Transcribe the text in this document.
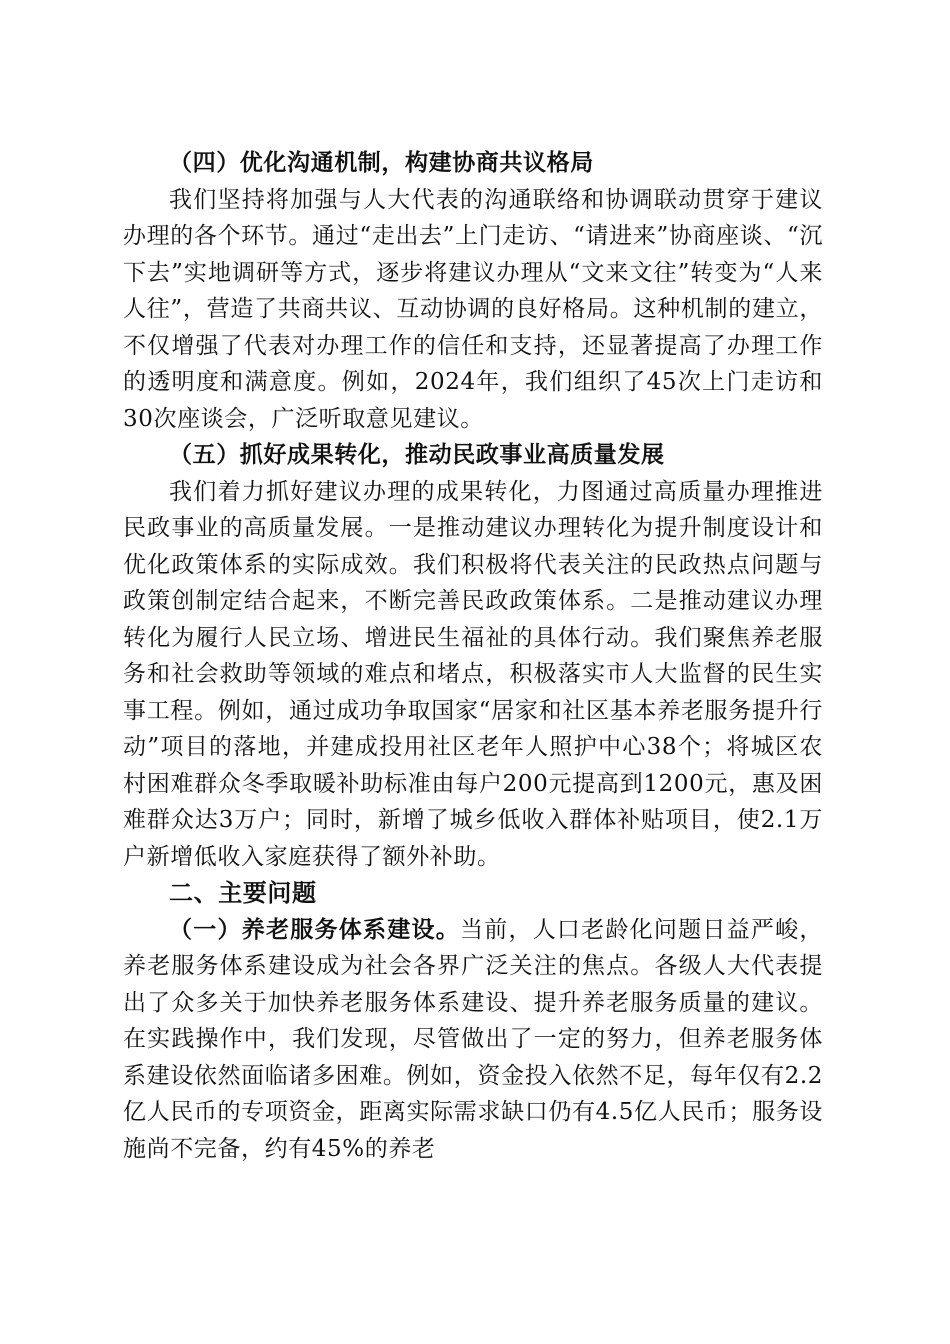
（四）优化沟通机制，构建协商共议格局

我们坚持将加强与人大代表的沟通联络和协调联动贯穿于建议办理的各个环节。通过“走出去”上门走访、“请进来”协商座谈、“沉下去”实地调研等方式，逐步将建议办理从“文来文往”转变为“人来人往”，营造了共商共议、互动协调的良好格局。这种机制的建立，不仅增强了代表对办理工作的信任和支持，还显著提高了办理工作的透明度和满意度。例如，2024年，我们组织了45次上门走访和30次座谈会，广泛听取意见建议。

（五）抓好成果转化，推动民政事业高质量发展

我们着力抓好建议办理的成果转化，力图通过高质量办理推进民政事业的高质量发展。一是推动建议办理转化为提升制度设计和优化政策体系的实际成效。我们积极将代表关注的民政热点问题与政策创制定结合起来，不断完善民政政策体系。二是推动建议办理转化为履行人民立场、增进民生福祉的具体行动。我们聚焦养老服务和社会救助等领域的难点和堵点，积极落实市人大监督的民生实事工程。例如，通过成功争取国家“居家和社区基本养老服务提升行动”项目的落地，并建成投用社区老年人照护中心38个；将城区农村困难群众冬季取暖补助标准由每户200元提高到1200元，惠及困难群众达3万户；同时，新增了城乡低收入群体补贴项目，使2.1万户新增低收入家庭获得了额外补助。

二、主要问题

（一）养老服务体系建设。当前，人口老龄化问题日益严峻，养老服务体系建设成为社会各界广泛关注的焦点。各级人大代表提出了众多关于加快养老服务体系建设、提升养老服务质量的建议。在实践操作中，我们发现，尽管做出了一定的努力，但养老服务体系建设依然面临诸多困难。例如，资金投入依然不足，每年仅有2.2亿人民币的专项资金，距离实际需求缺口仍有4.5亿人民币；服务设施尚不完备，约有45%的养老
